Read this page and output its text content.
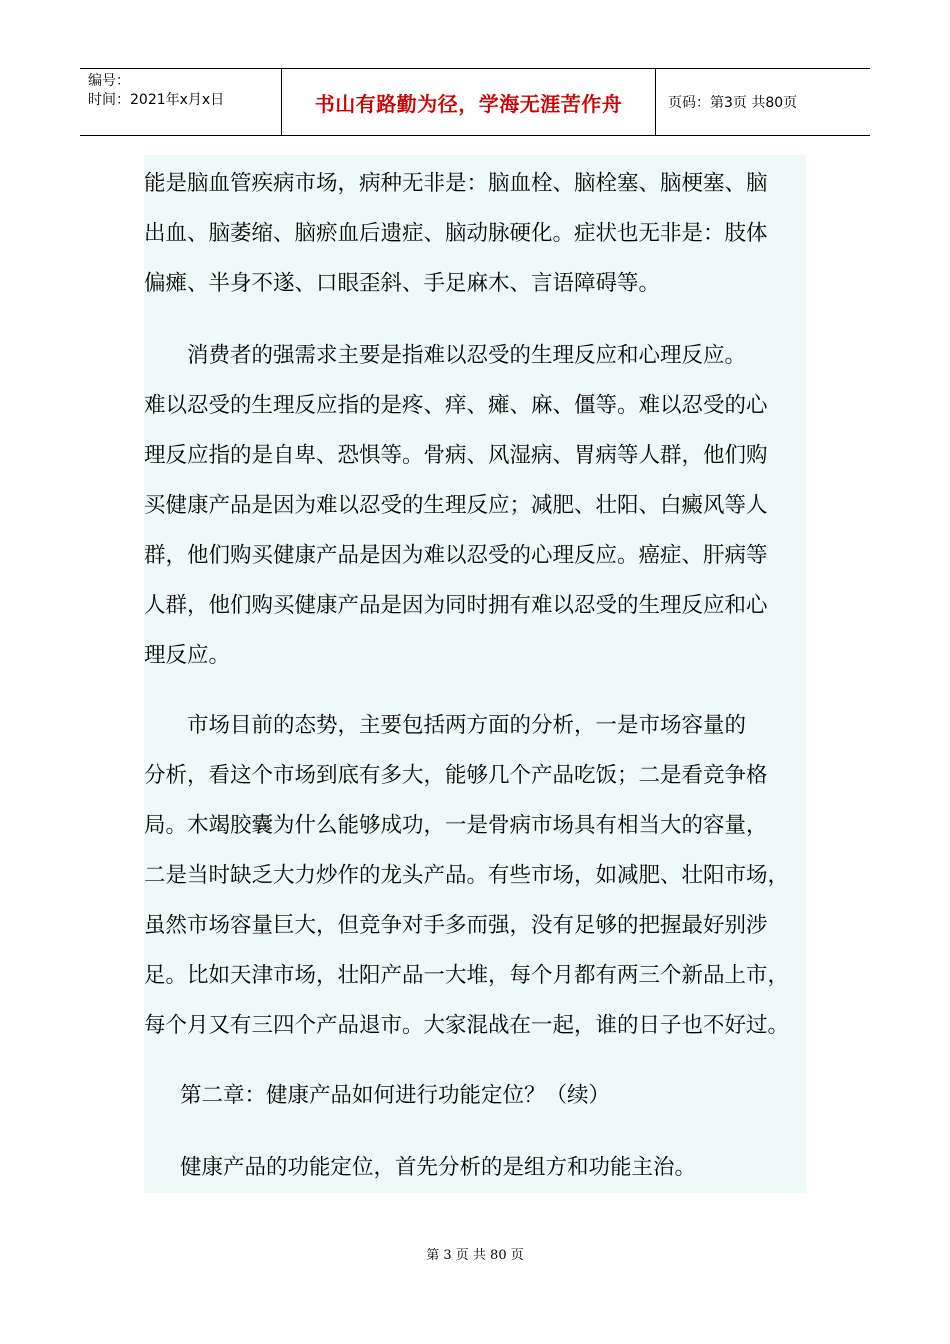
编号：
时间：2021年x月x日	书山有路勤为径，学海无涯苦作舟	页码：第3页 共80页
能是脑血管疾病市场，病种无非是：脑血栓、脑栓塞、脑梗塞、脑
出血、脑萎缩、脑瘀血后遗症、脑动脉硬化。症状也无非是：肢体
偏瘫、半身不遂、口眼歪斜、手足麻木、言语障碍等。
　　消费者的强需求主要是指难以忍受的生理反应和心理反应。
难以忍受的生理反应指的是疼、痒、瘫、麻、僵等。难以忍受的心
理反应指的是自卑、恐惧等。骨病、风湿病、胃病等人群，他们购
买健康产品是因为难以忍受的生理反应；减肥、壮阳、白癜风等人
群，他们购买健康产品是因为难以忍受的心理反应。癌症、肝病等
人群，他们购买健康产品是因为同时拥有难以忍受的生理反应和心
理反应。
　　市场目前的态势，主要包括两方面的分析，一是市场容量的
分析，看这个市场到底有多大，能够几个产品吃饭；二是看竞争格
局。木竭胶囊为什么能够成功，一是骨病市场具有相当大的容量，
二是当时缺乏大力炒作的龙头产品。有些市场，如减肥、壮阳市场，
虽然市场容量巨大，但竞争对手多而强，没有足够的把握最好别涉
足。比如天津市场，壮阳产品一大堆，每个月都有两三个新品上市，
每个月又有三四个产品退市。大家混战在一起，谁的日子也不好过。
第二章：健康产品如何进行功能定位？（续）
健康产品的功能定位，首先分析的是组方和功能主治。
第 3 页 共 80 页
